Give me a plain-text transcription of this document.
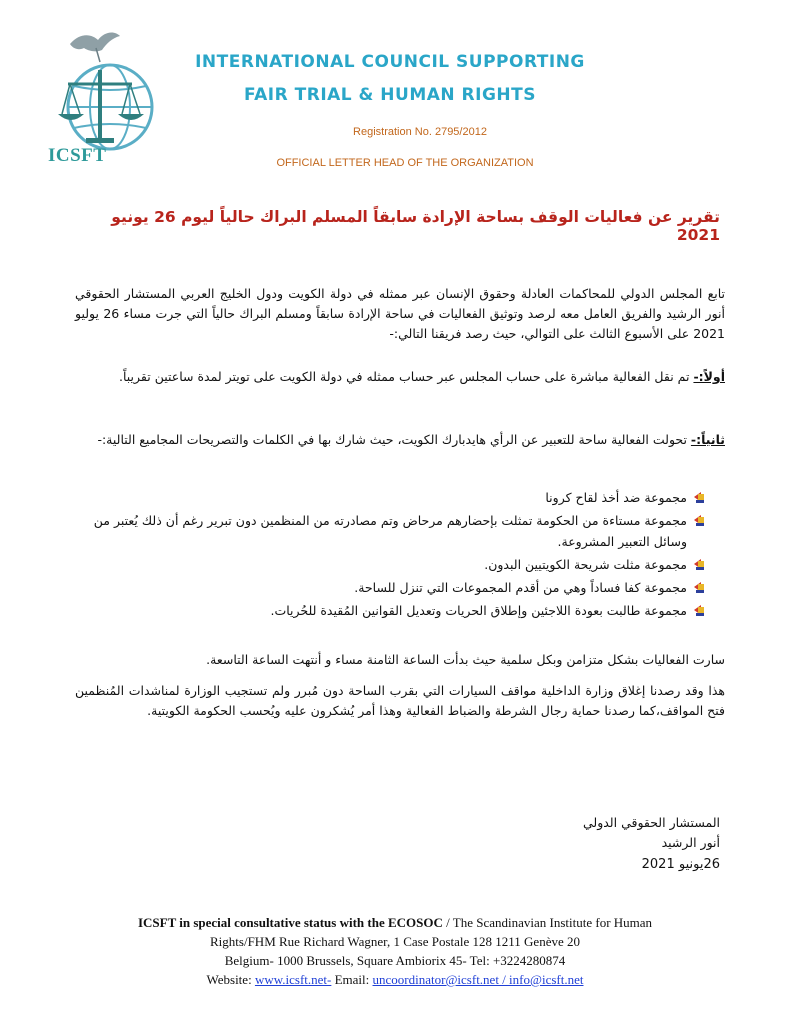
ICSFT
INTERNATIONAL COUNCIL SUPPORTING
FAIR TRIAL & HUMAN RIGHTS
Registration No. 2795/2012
OFFICIAL LETTER HEAD OF THE ORGANIZATION
تقرير عن فعاليات الوقف بساحة الإرادة سابقاً المسلم البراك حالياً ليوم 26 يونيو 2021
تابع المجلس الدولي للمحاكمات العادلة وحقوق الإنسان عبر ممثله في دولة الكويت ودول الخليج العربي المستشار الحقوقي أنور الرشيد والفريق العامل معه لرصد وتوثيق الفعاليات في ساحة الإرادة سابقاً ومسلم البراك حالياً التي جرت مساء 26 يوليو 2021 على الأسبوع الثالث على التوالي، حيث رصد فريقنا التالي:-
أولاً:- تم نقل الفعالية مباشرة على حساب المجلس عبر حساب ممثله في دولة الكويت على تويتر لمدة ساعتين تقريباً.
ثانياً:- تحولت الفعالية ساحة للتعبير عن الرأي هايدبارك الكويت، حيث شارك بها في الكلمات والتصريحات المجاميع التالية:-
مجموعة ضد أخذ لقاح كرونا
مجموعة مستاءة من الحكومة تمثلت بإحضارهم مرحاض وتم مصادرته من المنظمين دون تبرير رغم أن ذلك يُعتبر من وسائل التعبير المشروعة.
مجموعة مثلت شريحة الكويتيين البدون.
مجموعة كفا فساداً وهي من أقدم المجموعات التي تنزل للساحة.
مجموعة طالبت بعودة اللاجئين وإطلاق الحريات وتعديل القوانين المُقيدة للحُريات.
سارت الفعاليات بشكل متزامن وبكل سلمية حيث بدأت الساعة الثامنة مساء و أنتهت الساعة التاسعة.
هذا وقد رصدنا إغلاق وزارة الداخلية مواقف السيارات التي بقرب الساحة دون مُبرر ولم تستجيب الوزارة لمناشدات المُنظمين فتح المواقف،كما رصدنا حماية رجال الشرطة والضباط الفعالية وهذا أمر يُشكرون عليه ويُحسب الحكومة الكويتية.
المستشار الحقوقي الدولي
أنور الرشيد
26يونيو 2021
ICSFT in special consultative status with the ECOSOC / The Scandinavian Institute for Human
Rights/FHM Rue Richard Wagner, 1 Case Postale 128 1211 Genève 20
Belgium- 1000 Brussels, Square Ambiorix 45- Tel: +3224280874
Website: www.icsft.net- Email: uncoordinator@icsft.net / info@icsft.net
